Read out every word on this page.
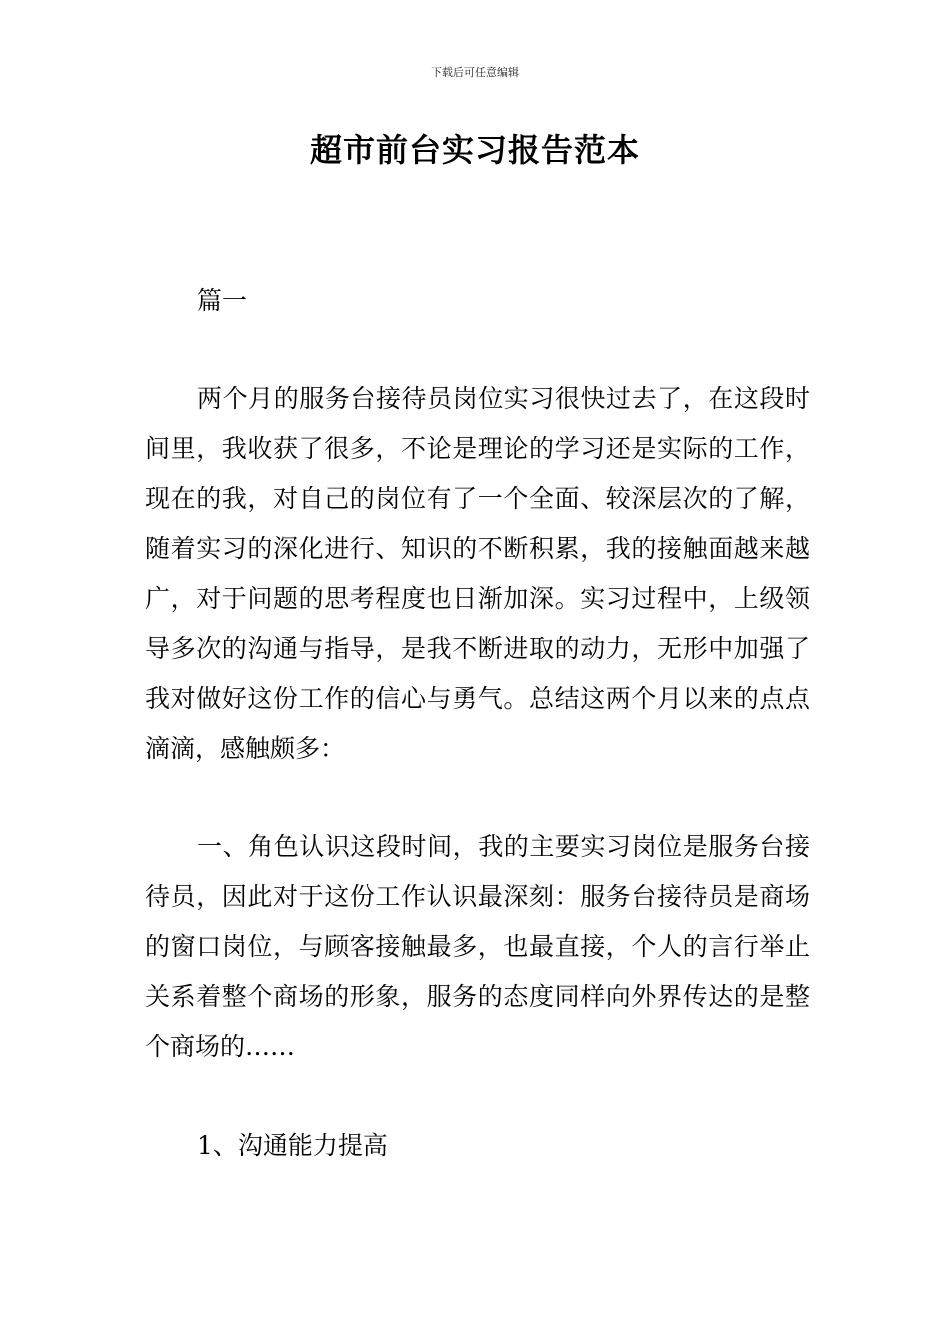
下载后可任意编辑
超市前台实习报告范本

篇一

两个月的服务台接待员岗位实习很快过去了，在这段时间里，我收获了很多，不论是理论的学习还是实际的工作，现在的我，对自己的岗位有了一个全面、较深层次的了解，随着实习的深化进行、知识的不断积累，我的接触面越来越广，对于问题的思考程度也日渐加深。实习过程中，上级领导多次的沟通与指导，是我不断进取的动力，无形中加强了我对做好这份工作的信心与勇气。总结这两个月以来的点点滴滴，感触颇多：

一、角色认识这段时间，我的主要实习岗位是服务台接待员，因此对于这份工作认识最深刻：服务台接待员是商场的窗口岗位，与顾客接触最多，也最直接，个人的言行举止关系着整个商场的形象，服务的态度同样向外界传达的是整个商场的……

1、沟通能力提高
